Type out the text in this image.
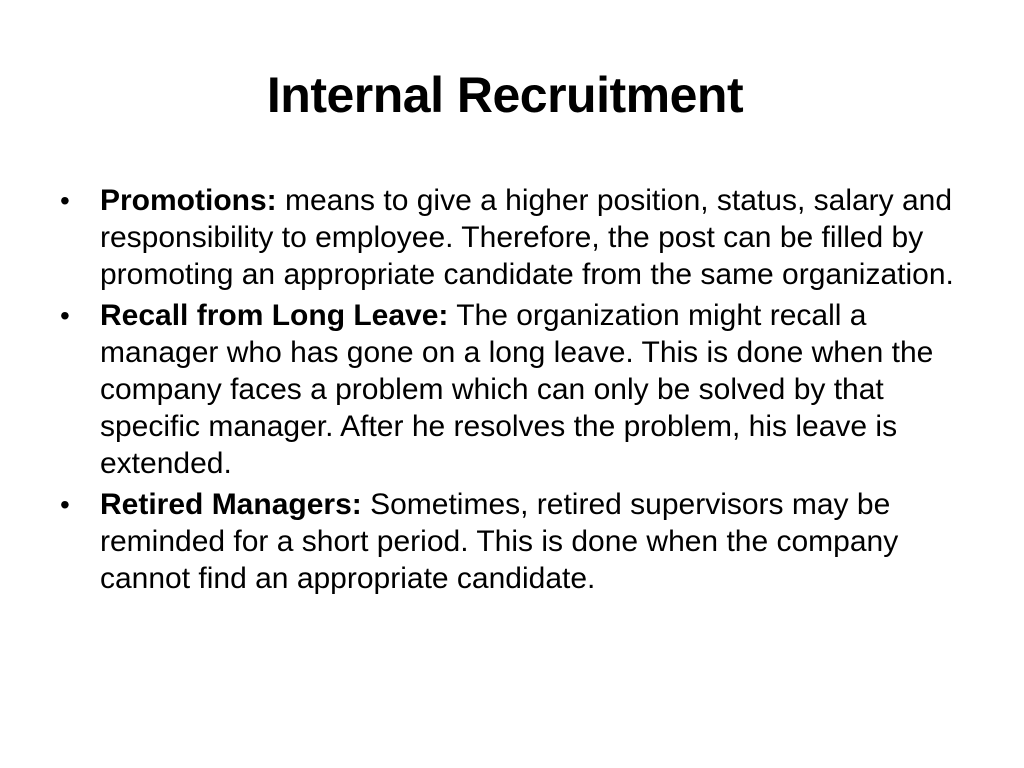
Internal Recruitment
• Promotions: means to give a higher position, status, salary and responsibility to employee. Therefore, the post can be filled by promoting an appropriate candidate from the same organization.
• Recall from Long Leave: The organization might recall a manager who has gone on a long leave. This is done when the company faces a problem which can only be solved by that specific manager. After he resolves the problem, his leave is extended.
• Retired Managers: Sometimes, retired supervisors may be reminded for a short period. This is done when the company cannot find an appropriate candidate.
